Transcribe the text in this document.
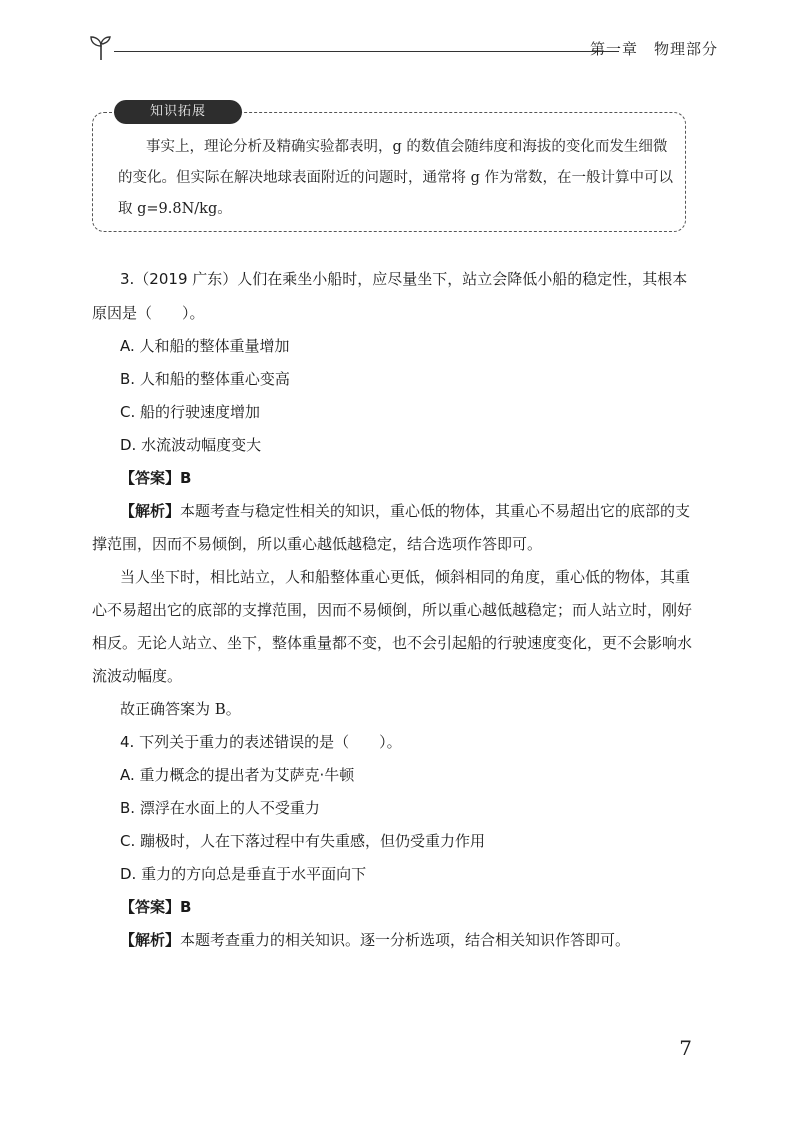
第一章　物理部分
知识拓展

事实上，理论分析及精确实验都表明，g 的数值会随纬度和海拔的变化而发生细微的变化。但实际在解决地球表面附近的问题时，通常将 g 作为常数，在一般计算中可以取 g=9.8N/kg。

3.（2019 广东）人们在乘坐小船时，应尽量坐下，站立会降低小船的稳定性，其根本原因是（　　）。

A. 人和船的整体重量增加

B. 人和船的整体重心变高

C. 船的行驶速度增加

D. 水流波动幅度变大

【答案】B

【解析】本题考查与稳定性相关的知识，重心低的物体，其重心不易超出它的底部的支撑范围，因而不易倾倒，所以重心越低越稳定，结合选项作答即可。

当人坐下时，相比站立，人和船整体重心更低，倾斜相同的角度，重心低的物体，其重心不易超出它的底部的支撑范围，因而不易倾倒，所以重心越低越稳定；而人站立时，刚好相反。无论人站立、坐下，整体重量都不变，也不会引起船的行驶速度变化，更不会影响水流波动幅度。

故正确答案为 B。

4. 下列关于重力的表述错误的是（　　）。

A. 重力概念的提出者为艾萨克·牛顿

B. 漂浮在水面上的人不受重力

C. 蹦极时，人在下落过程中有失重感，但仍受重力作用

D. 重力的方向总是垂直于水平面向下

【答案】B

【解析】本题考查重力的相关知识。逐一分析选项，结合相关知识作答即可。

7
